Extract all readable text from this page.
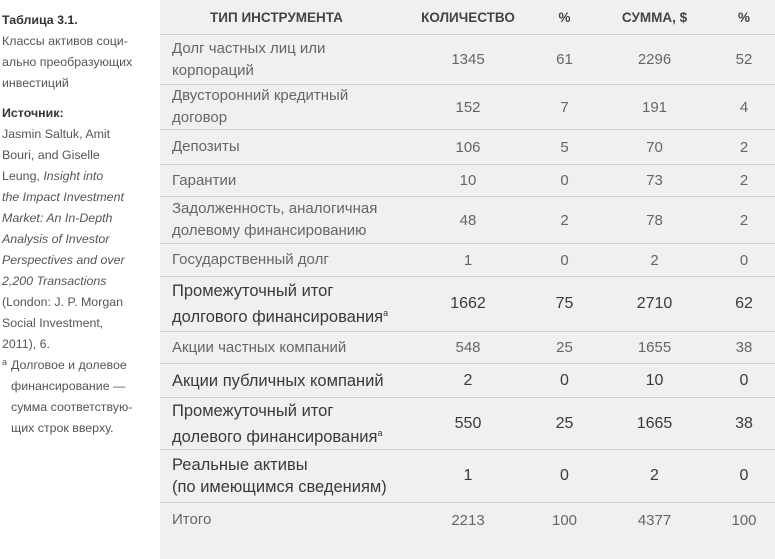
Таблица 3.1.
Классы активов соци-
ально преобразующих
инвестиций
Источник:
Jasmin Saltuk, Amit
Bouri, and Giselle
Leung, Insight into
the Impact Investment
Market: An In-Depth
Analysis of Investor
Perspectives and over
2,200 Transactions
(London: J. P. Morgan
Social Investment,
2011), 6.
a Долговое и долевое
финансирование —
сумма соответствую-
щих строк вверху.
ТИП ИНСТРУМЕНТА	КОЛИЧЕСТВО	%	СУММА, $	%

Долг частных лиц или
корпораций	1345	61	2296	52

Двусторонний кредитный
договор	152	7	191	4

Депозиты	106	5	70	2

Гарантии	10	0	73	2

Задолженность, аналогичная
долевому финансированию	48	2	78	2

Государственный долг	1	0	2	0

Промежуточный итог
долгового финансирования$^a$	1662	75	2710	62

Акции частных компаний	548	25	1655	38

Акции публичных компаний	2	0	10	0

Промежуточный итог
долевого финансирования$^a$	550	25	1665	38

Реальные активы
(по имеющимся сведениям)	1	0	2	0

Итого	2213	100	4377	100
